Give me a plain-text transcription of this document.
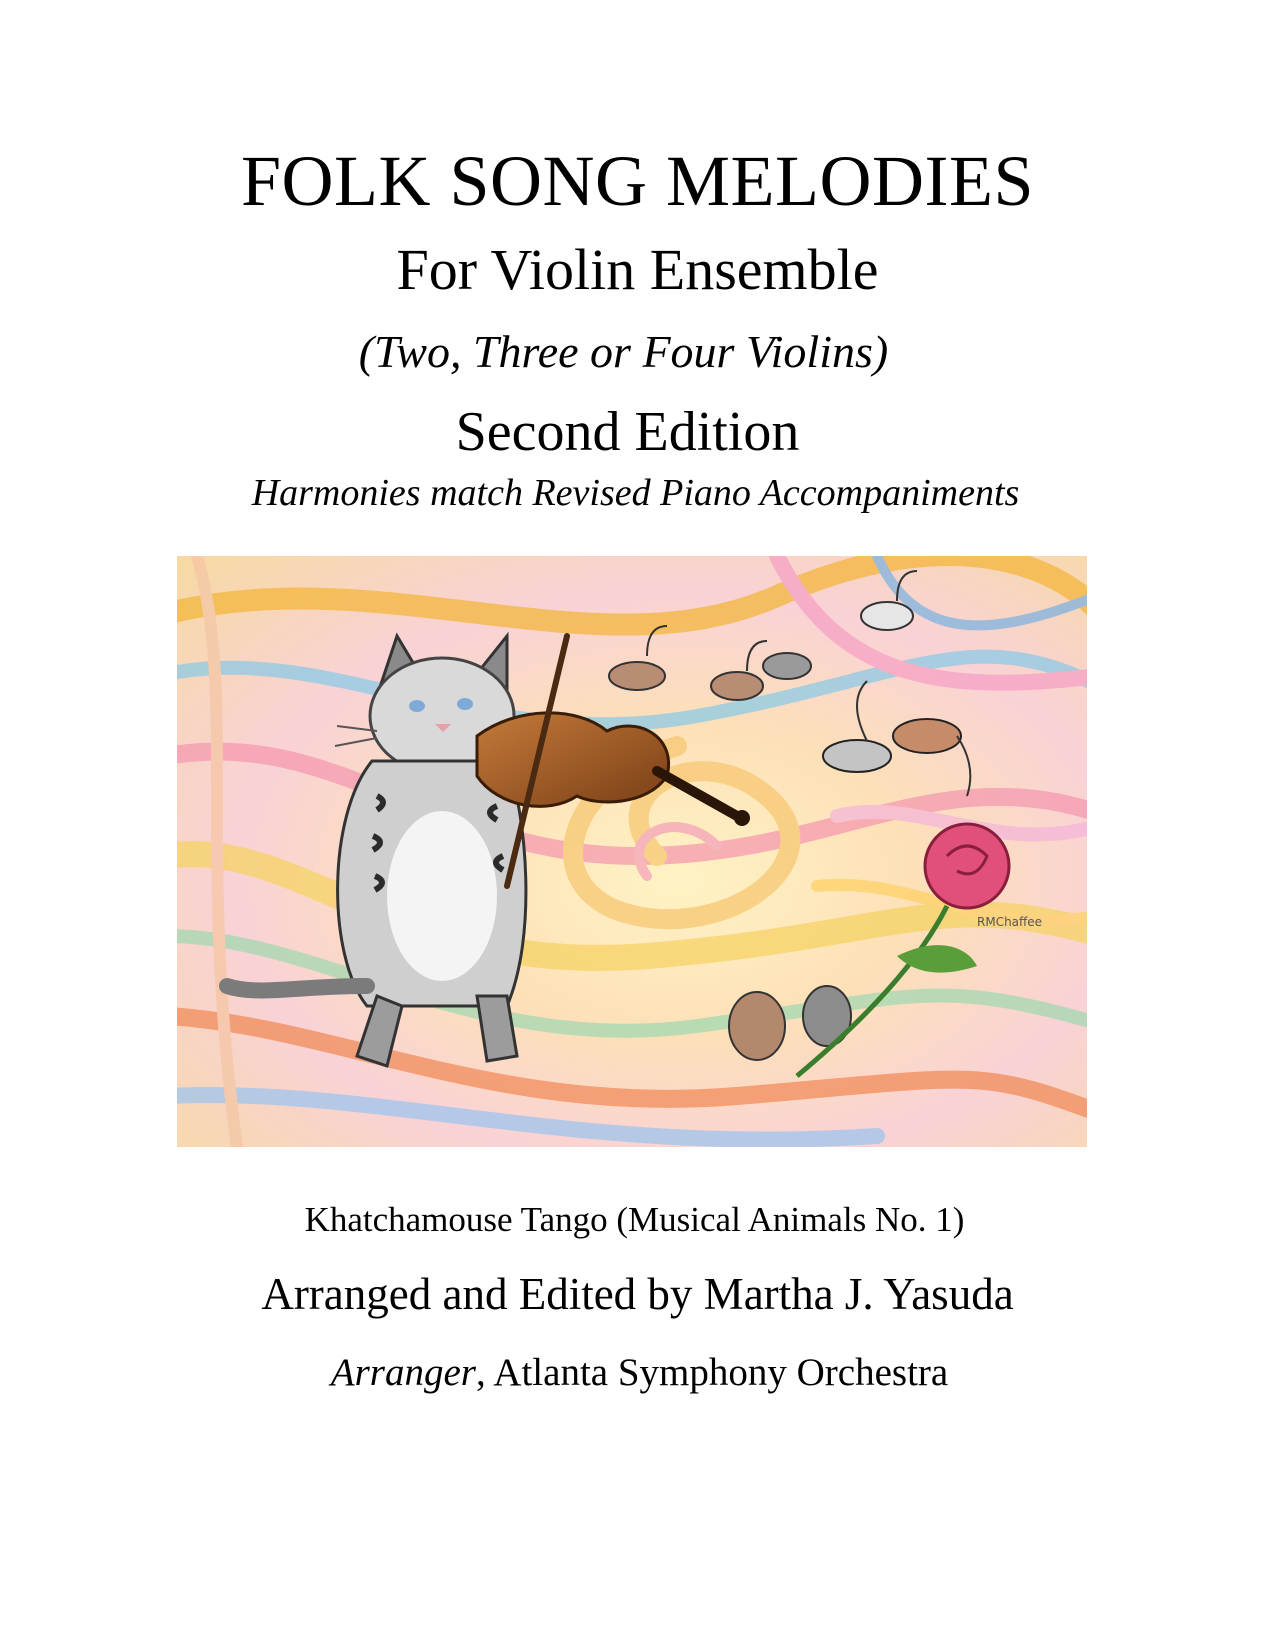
FOLK SONG MELODIES
For Violin Ensemble
(Two, Three or Four Violins)
Second Edition
Harmonies match Revised Piano Accompaniments
RMChaffee
Khatchamouse Tango (Musical Animals No. 1)
Arranged and Edited by Martha J. Yasuda
Arranger, Atlanta Symphony Orchestra
